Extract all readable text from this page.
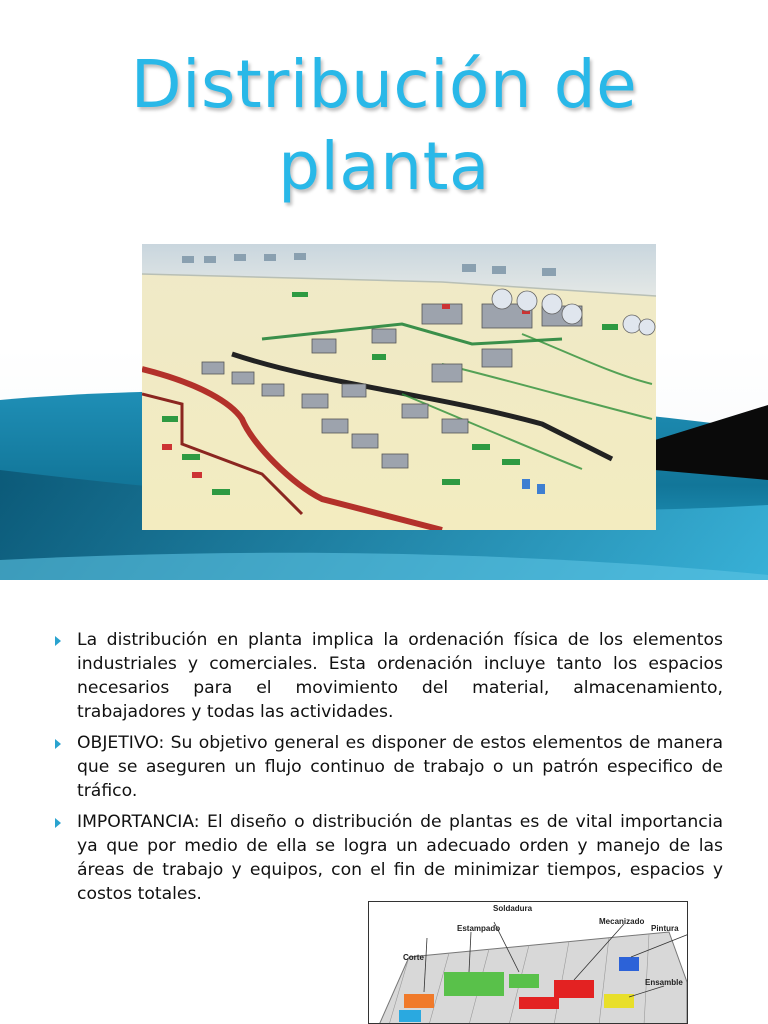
Distribución de
planta
La distribución en planta implica la ordenación física de los elementos industriales y comerciales. Esta ordenación incluye tanto los espacios necesarios para el movimiento del material, almacenamiento, trabajadores y todas las actividades.
OBJETIVO: Su objetivo general es disponer de estos elementos de manera que se aseguren un flujo continuo de trabajo o un patrón especifico de tráfico.
IMPORTANCIA: El diseño o distribución de plantas es de vital importancia ya que por medio de ella se logra un adecuado orden y manejo de las áreas de trabajo y equipos, con el fin de minimizar tiempos, espacios y costos totales.
Soldadura
Estampado
Mecanizado
Pintura
Corte
Ensamble
